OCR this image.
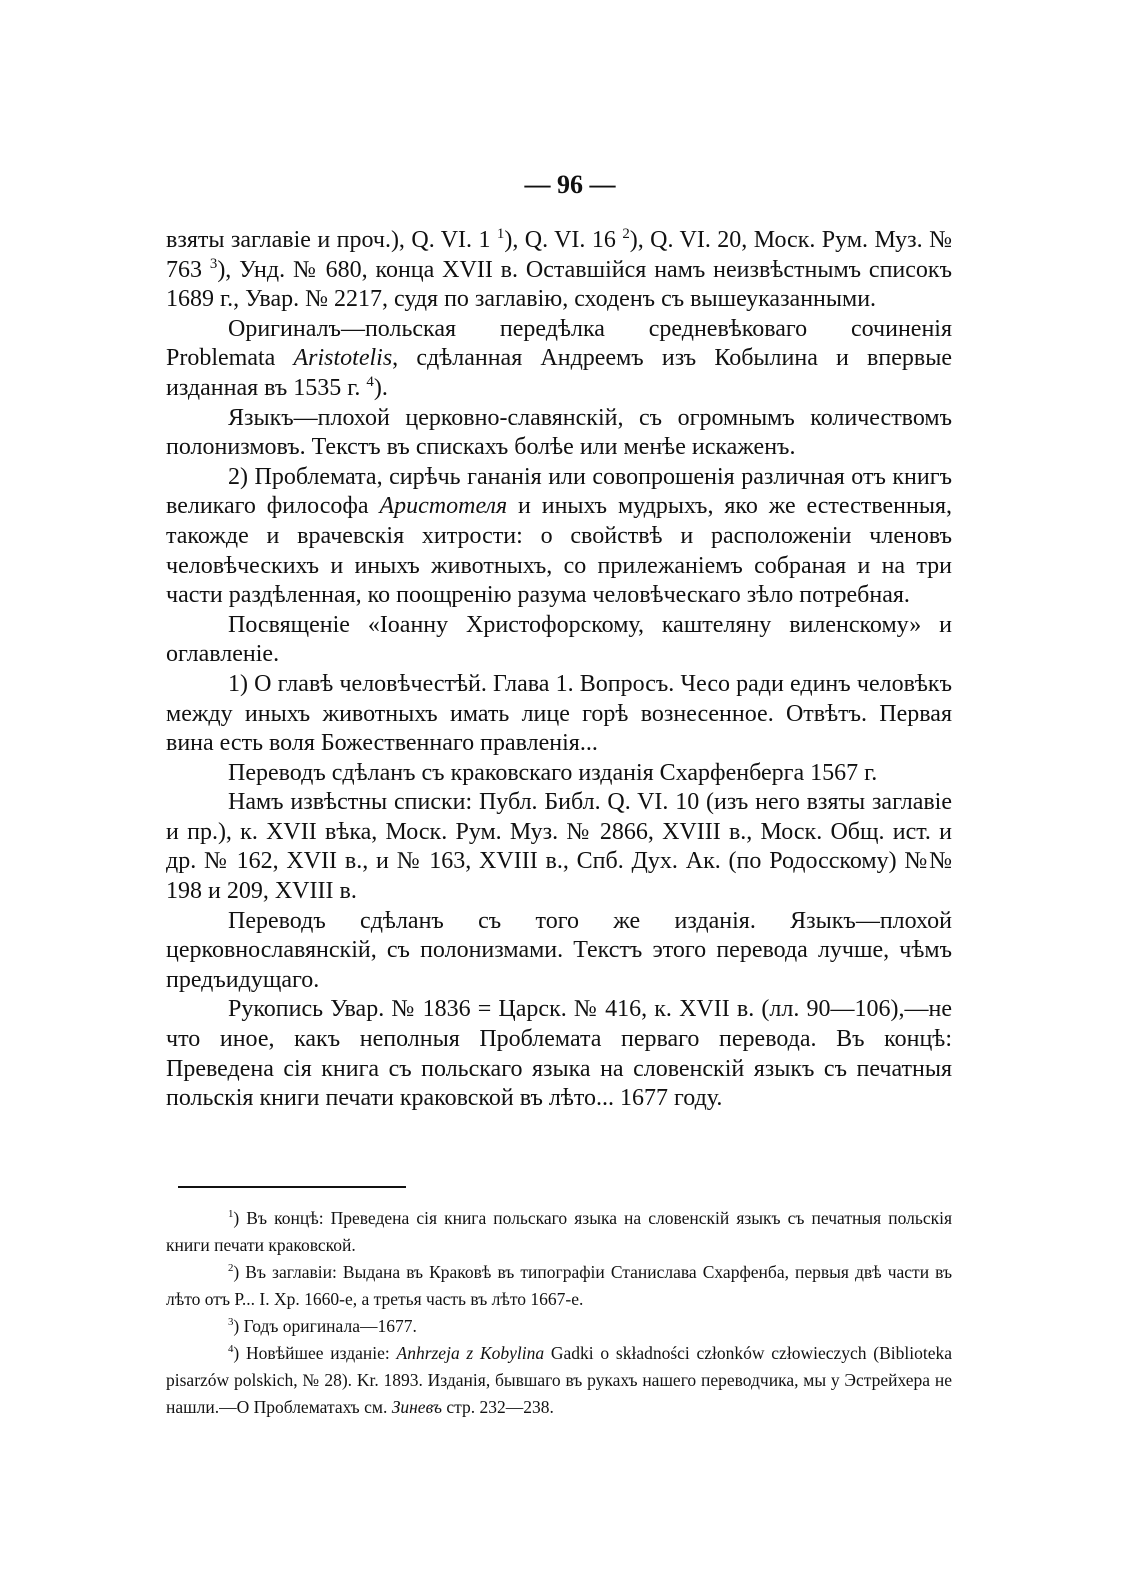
— 96 —

взяты заглавіе и проч.), Q. VI. 1 $^1$), Q. VI. 16 $^2$), Q. VI. 20, Моск. Рум. Муз. № 763 $^3$), Унд. № 680, конца XVII в. Оставшійся намъ неизвѣстнымъ списокъ 1689 г., Увар. № 2217, судя по заглавію, сходенъ съ вышеуказанными.

Оригиналъ—польская передѣлка средневѣковаго сочиненія Problemata Aristotelis, сдѣланная Андреемъ изъ Кобылина и впервые изданная въ 1535 г. $^4$).

Языкъ—плохой церковно-славянскій, съ огромнымъ количествомъ полонизмовъ. Текстъ въ спискахъ болѣе или менѣе искаженъ.

2) Проблемата, сирѣчь гананія или совопрошенія различная отъ книгъ великаго философа Аристотеля и иныхъ мудрыхъ, яко же естественныя, такожде и врачевскія хитрости: о свойствѣ и расположеніи членовъ человѣческихъ и иныхъ животныхъ, со прилежаніемъ собраная и на три части раздѣленная, ко поощренію разума человѣческаго зѣло потребная.

Посвященіе «Іоанну Христофорскому, каштеляну виленскому» и оглавленіе.

1) О главѣ человѣчестѣй. Глава 1. Вопросъ. Чесо ради единъ человѣкъ между иныхъ животныхъ имать лице горѣ вознесенное. Отвѣтъ. Первая вина есть воля Божественнаго правленія...

Переводъ сдѣланъ съ краковскаго изданія Схарфенберга 1567 г.

Намъ извѣстны списки: Публ. Библ. Q. VI. 10 (изъ него взяты заглавіе и пр.), к. XVII вѣка, Моск. Рум. Муз. № 2866, XVIII в., Моск. Общ. ист. и др. № 162, XVII в., и № 163, XVIII в., Спб. Дух. Ак. (по Родосскому) №№ 198 и 209, XVIII в.

Переводъ сдѣланъ съ того же изданія. Языкъ—плохой церковнославянскій, съ полонизмами. Текстъ этого перевода лучше, чѣмъ предъидущаго.

Рукопись Увар. № 1836 = Царск. № 416, к. XVII в. (лл. 90—106),—не что иное, какъ неполныя Проблемата перваго перевода. Въ концѣ: Преведена сія книга съ польскаго языка на словенскій языкъ съ печатныя польскія книги печати краковской въ лѣто... 1677 году.

$^1$) Въ концѣ: Преведена сія книга польскаго языка на словенскій языкъ съ печатныя польскія книги печати краковской.

$^2$) Въ заглавіи: Выдана въ Краковѣ въ типографіи Станислава Схарфенба, первыя двѣ части въ лѣто отъ Р... І. Хр. 1660-е, а третья часть въ лѣто 1667-е.

$^3$) Годъ оригинала—1677.

$^4$) Новѣйшее изданіе: Anhrzeja z Kobylina Gadki o składności członków człowieczych (Biblioteka pisarzów polskich, № 28). Kr. 1893. Изданія, бывшаго въ рукахъ нашего переводчика, мы у Эстрейхера не нашли.—О Проблематахъ см. Зиневъ стр. 232—238.
